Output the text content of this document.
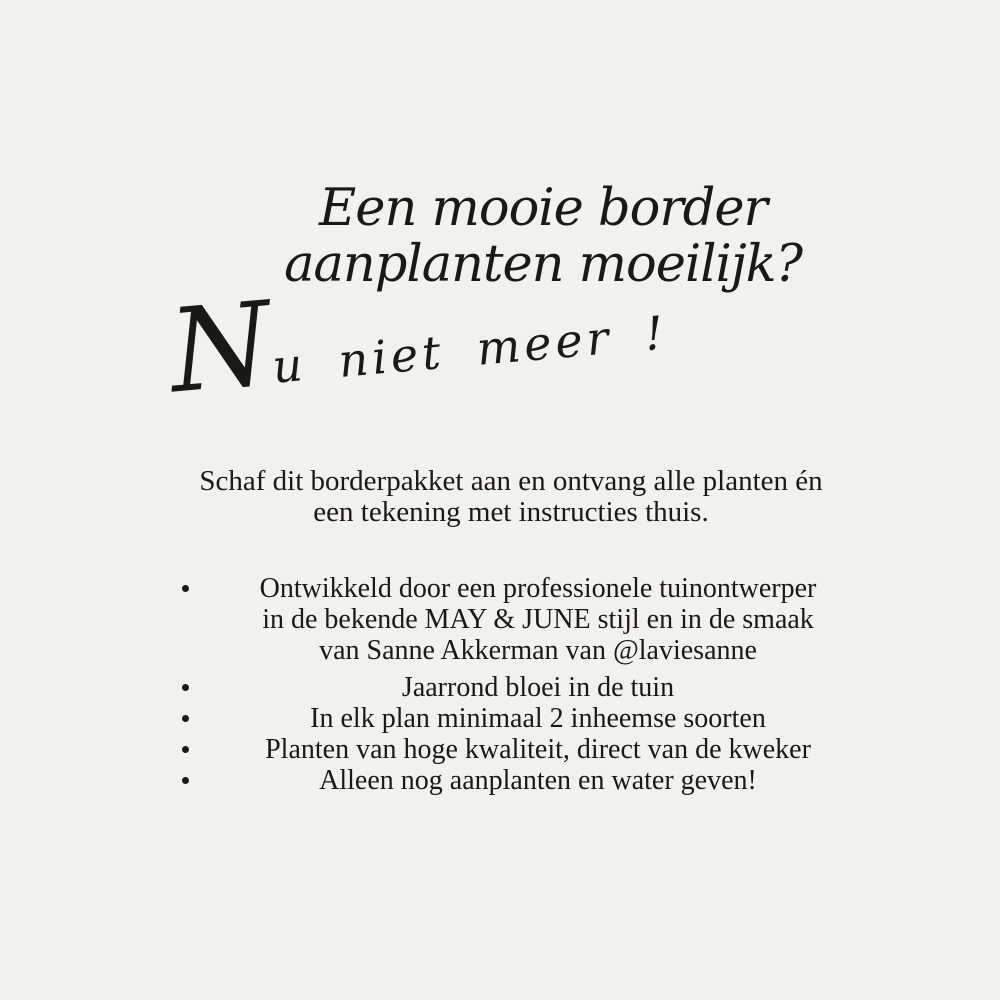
Een mooie border
aanplanten moeilijk?
Nu niet meer !
Schaf dit borderpakket aan en ontvang alle planten én
een tekening met instructies thuis.
Ontwikkeld door een professionele tuinontwerper
in de bekende MAY & JUNE stijl en in de smaak
van Sanne Akkerman van @laviesanne
Jaarrond bloei in de tuin
In elk plan minimaal 2 inheemse soorten
Planten van hoge kwaliteit, direct van de kweker
Alleen nog aanplanten en water geven!
